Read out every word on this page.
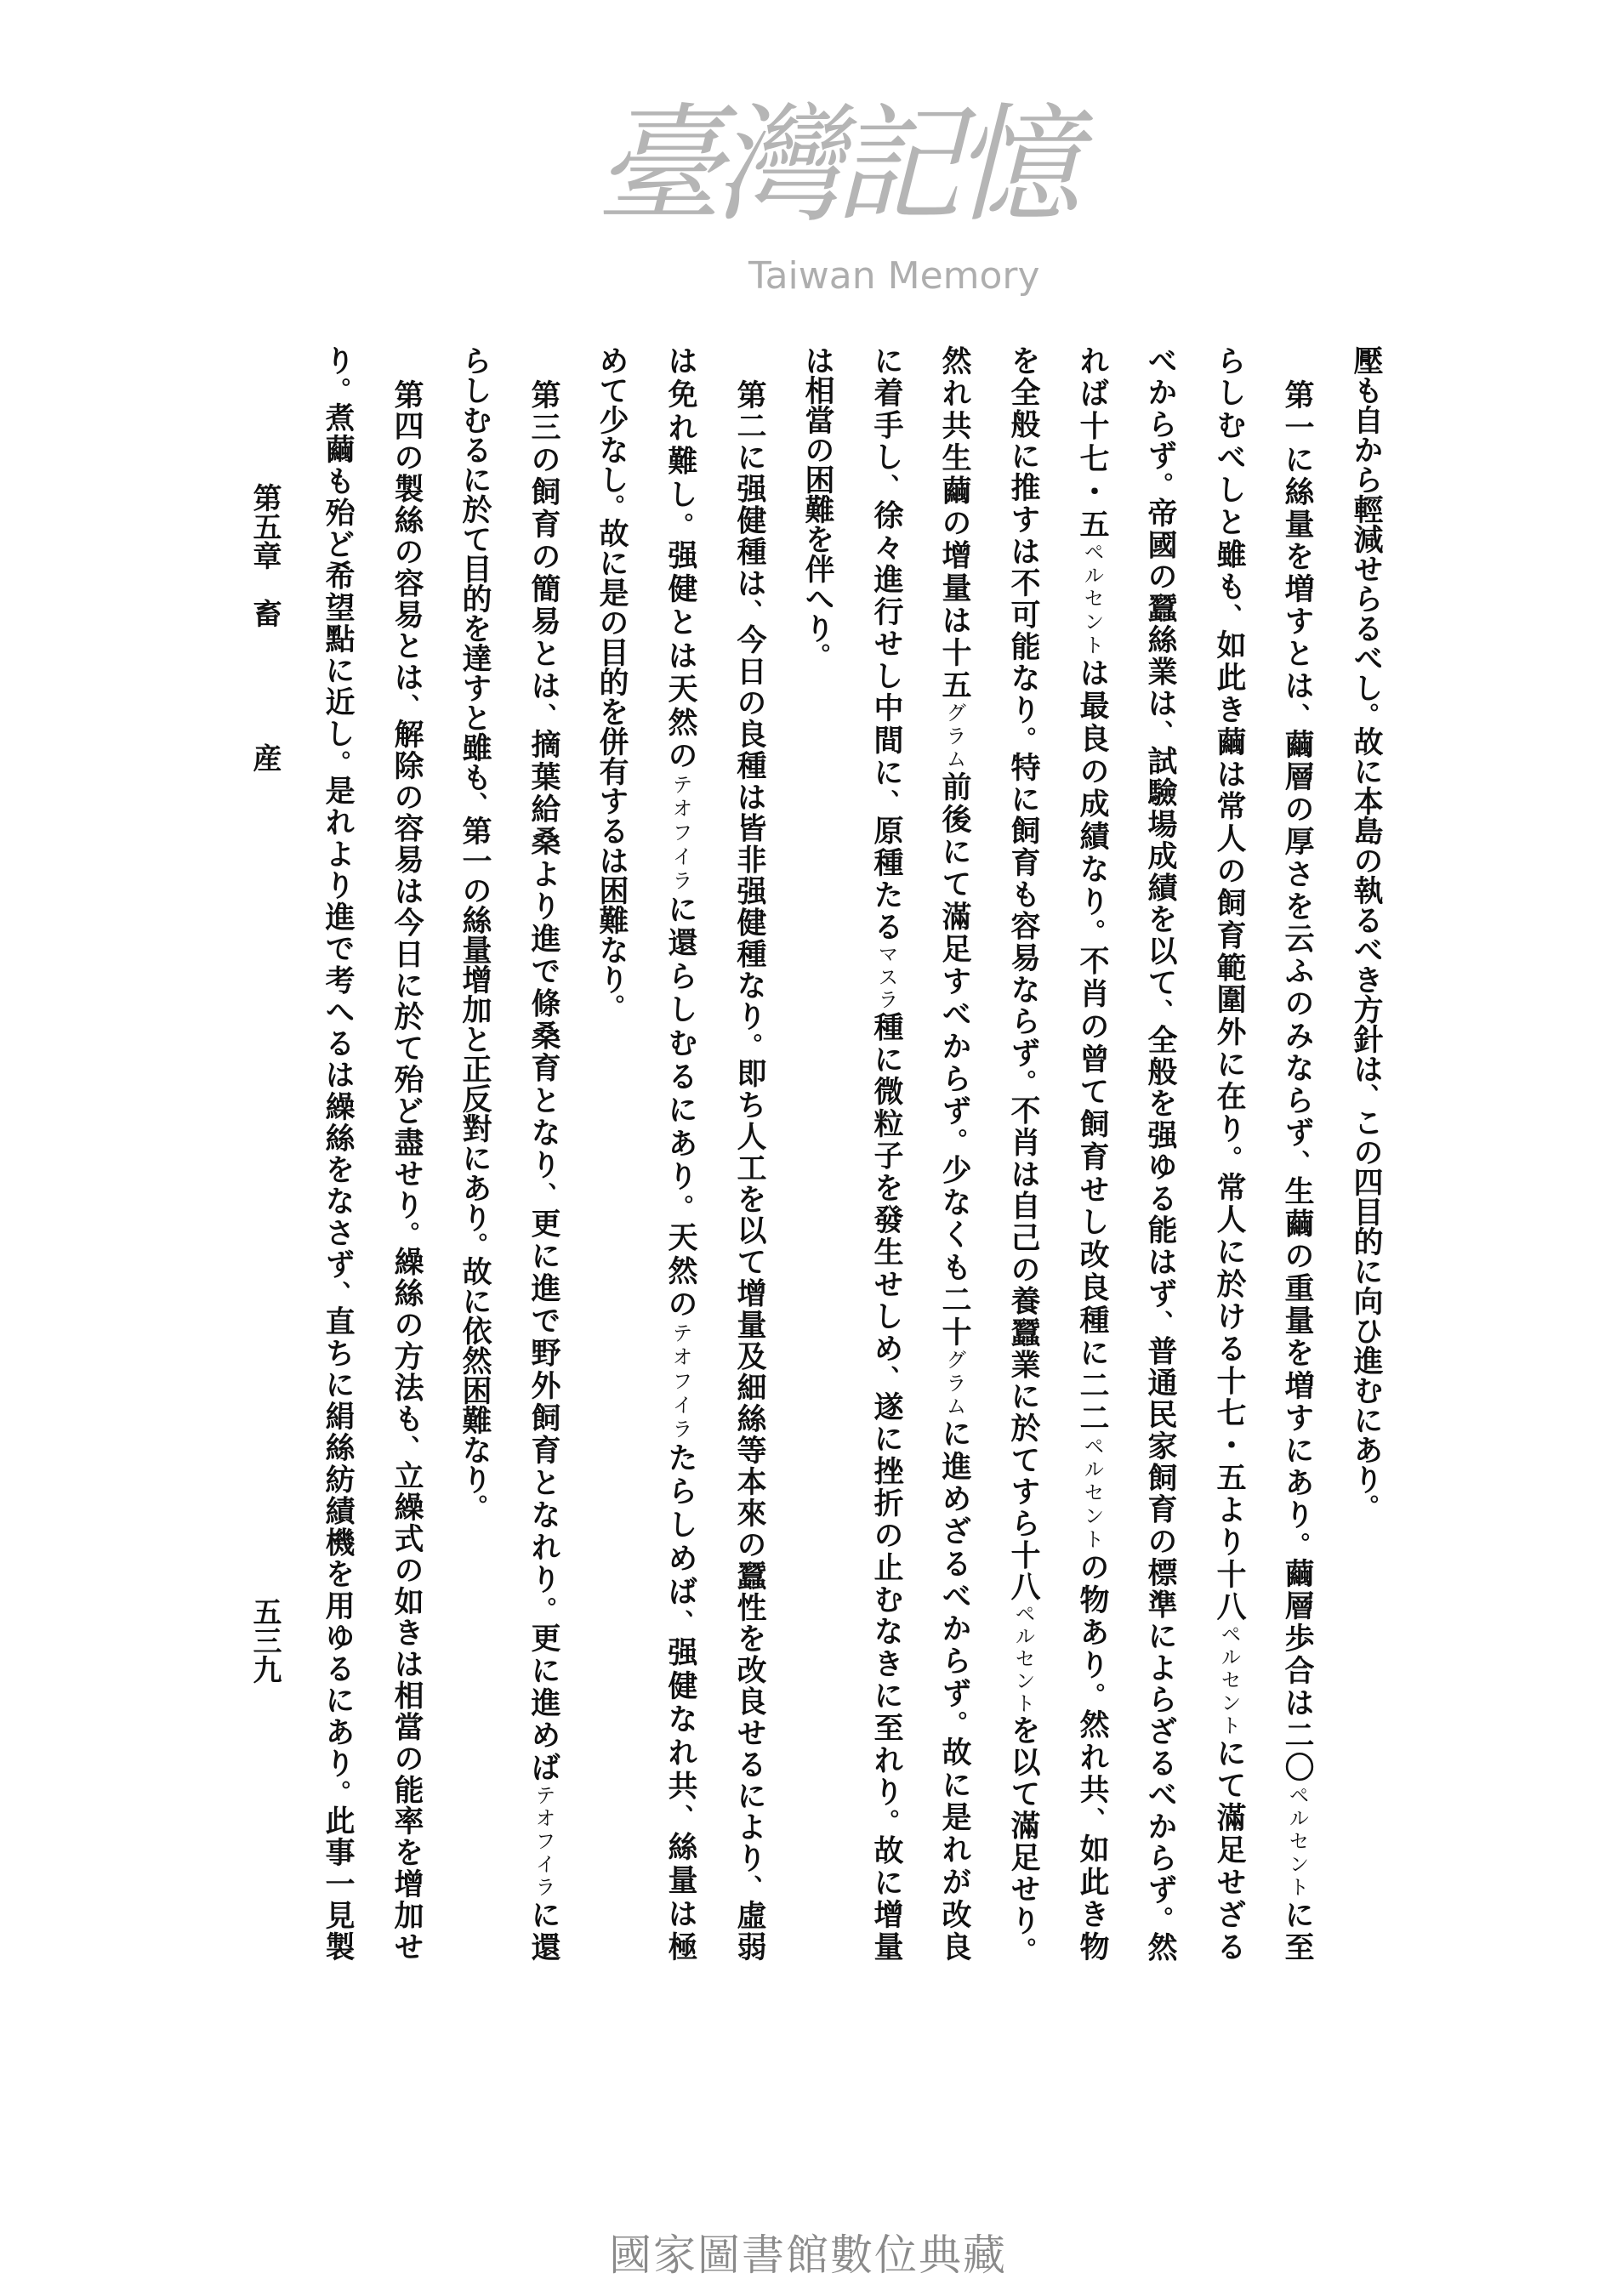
壓も自から輕減せらるべし。故に本島の執るべき方針は、この四目的に向ひ進むにあり。
第一に絲量を増すとは、繭層の厚さを云ふのみならず、生繭の重量を増すにあり。繭層歩合は二〇ペルセントに至
らしむべしと雖も、如此き繭は常人の飼育範圍外に在り。常人に於ける十七・五より十八ペルセントにて滿足せざる
べからず。帝國の蠶絲業は、試驗場成績を以て、全般を强ゆる能はず、普通民家飼育の標準によらざるべからず。然
れば十七・五ペルセントは最良の成績なり。不肖の曾て飼育せし改良種に二二ペルセントの物あり。然れ共、如此き物
を全般に推すは不可能なり。特に飼育も容易ならず。不肖は自己の養蠶業に於てすら十八ペルセントを以て滿足せり。
然れ共生繭の增量は十五グラム前後にて滿足すべからず。少なくも二十グラムに進めざるべからず。故に是れが改良
に着手し、徐々進行せし中間に、原種たるマスラ種に微粒子を發生せしめ、遂に挫折の止むなきに至れり。故に增量
は相當の困難を伴へり。
第二に强健種は、今日の良種は皆非强健種なり。即ち人工を以て增量及細絲等本來の蠶性を改良せるにより、虛弱
は免れ難し。强健とは天然のテオフイラに還らしむるにあり。天然のテオフイラたらしめば、强健なれ共、絲量は極
めて少なし。故に是の目的を併有するは困難なり。
第三の飼育の簡易とは、摘葉給桑より進で條桑育となり、更に進で野外飼育となれり。更に進めばテオフイラに還
らしむるに於て目的を達すと雖も、第一の絲量增加と正反對にあり。故に依然困難なり。
第四の製絲の容易とは、解除の容易は今日に於て殆ど盡せり。繰絲の方法も、立繰式の如きは相當の能率を增加せ
り。煮繭も殆ど希望點に近し。是れより進で考へるは繰絲をなさず、直ちに絹絲紡績機を用ゆるにあり。此事一見製
第五章　畜　　　　産
五三九
臺灣記憶
Taiwan Memory
國家圖書館數位典藏
